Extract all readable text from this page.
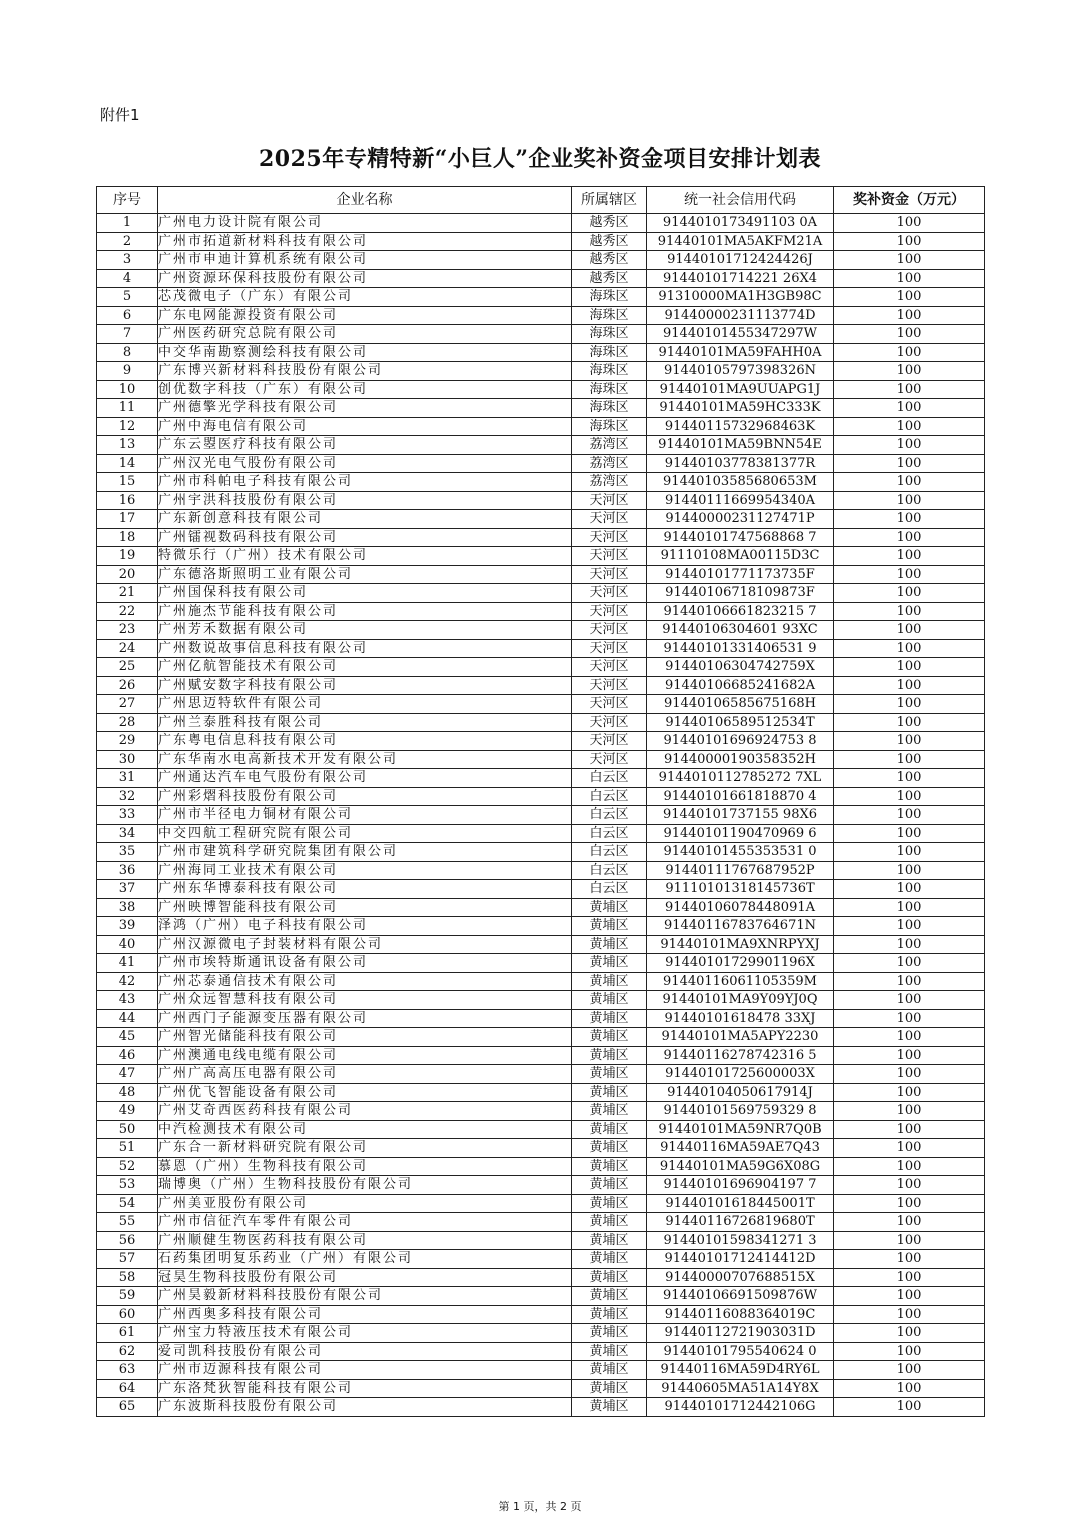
附件1
2025年专精特新“小巨人”企业奖补资金项目安排计划表
序号	企业名称	所属辖区	统一社会信用代码	奖补资金（万元）
1	广州电力设计院有限公司	越秀区	9144010173491103 0A	100
2	广州市拓道新材料科技有限公司	越秀区	91440101MA5AKFM21A	100
3	广州市申迪计算机系统有限公司	越秀区	91440101712424426J	100
4	广州资源环保科技股份有限公司	越秀区	91440101714221 26X4	100
5	芯茂微电子（广东）有限公司	海珠区	91310000MA1H3GB98C	100
6	广东电网能源投资有限公司	海珠区	91440000231113774D	100
7	广州医药研究总院有限公司	海珠区	91440101455347297W	100
8	中交华南勘察测绘科技有限公司	海珠区	91440101MA59FAHH0A	100
9	广东博兴新材料科技股份有限公司	海珠区	91440105797398326N	100
10	创优数字科技（广东）有限公司	海珠区	91440101MA9UUAPG1J	100
11	广州德擎光学科技有限公司	海珠区	91440101MA59HC333K	100
12	广州中海电信有限公司	海珠区	91440115732968463K	100
13	广东云曌医疗科技有限公司	荔湾区	91440101MA59BNN54E	100
14	广州汉光电气股份有限公司	荔湾区	91440103778381377R	100
15	广州市科帕电子科技有限公司	荔湾区	91440103585680653M	100
16	广州宇洪科技股份有限公司	天河区	91440111669954340A	100
17	广东新创意科技有限公司	天河区	91440000231127471P	100
18	广州镭视数码科技有限公司	天河区	91440101747568868 7	100
19	特微乐行（广州）技术有限公司	天河区	91110108MA00115D3C	100
20	广东德洛斯照明工业有限公司	天河区	91440101771173735F	100
21	广州国保科技有限公司	天河区	91440106718109873F	100
22	广州施杰节能科技有限公司	天河区	91440106661823215 7	100
23	广州芳禾数据有限公司	天河区	91440106304601 93XC	100
24	广州数说故事信息科技有限公司	天河区	91440101331406531 9	100
25	广州亿航智能技术有限公司	天河区	91440106304742759X	100
26	广州赋安数字科技有限公司	天河区	91440106685241682A	100
27	广州思迈特软件有限公司	天河区	91440106585675168H	100
28	广州兰泰胜科技有限公司	天河区	91440106589512534T	100
29	广东粤电信息科技有限公司	天河区	91440101696924753 8	100
30	广东华南水电高新技术开发有限公司	天河区	91440000190358352H	100
31	广州通达汽车电气股份有限公司	白云区	9144010112785272 7XL	100
32	广州彩熠科技股份有限公司	白云区	91440101661818870 4	100
33	广州市半径电力铜材有限公司	白云区	91440101737155 98X6	100
34	中交四航工程研究院有限公司	白云区	91440101190470969 6	100
35	广州市建筑科学研究院集团有限公司	白云区	91440101455353531 0	100
36	广州海同工业技术有限公司	白云区	91440111767687952P	100
37	广州东华博泰科技有限公司	白云区	91110101318145736T	100
38	广州映博智能科技有限公司	黄埔区	91440106078448091A	100
39	泽鸿（广州）电子科技有限公司	黄埔区	91440116783764671N	100
40	广州汉源微电子封装材料有限公司	黄埔区	91440101MA9XNRPYXJ	100
41	广州市埃特斯通讯设备有限公司	黄埔区	91440101729901196X	100
42	广州芯泰通信技术有限公司	黄埔区	91440116061105359M	100
43	广州众远智慧科技有限公司	黄埔区	91440101MA9Y09YJ0Q	100
44	广州西门子能源变压器有限公司	黄埔区	91440101618478 33XJ	100
45	广州智光储能科技有限公司	黄埔区	91440101MA5APY2230	100
46	广州澳通电线电缆有限公司	黄埔区	91440116278742316 5	100
47	广州广高高压电器有限公司	黄埔区	91440101725600003X	100
48	广州优飞智能设备有限公司	黄埔区	91440104050617914J	100
49	广州艾奇西医药科技有限公司	黄埔区	91440101569759329 8	100
50	中汽检测技术有限公司	黄埔区	91440101MA59NR7Q0B	100
51	广东合一新材料研究院有限公司	黄埔区	91440116MA59AE7Q43	100
52	慕恩（广州）生物科技有限公司	黄埔区	91440101MA59G6X08G	100
53	瑞博奥（广州）生物科技股份有限公司	黄埔区	91440101696904197 7	100
54	广州美亚股份有限公司	黄埔区	91440101618445001T	100
55	广州市信征汽车零件有限公司	黄埔区	91440116726819680T	100
56	广州顺健生物医药科技有限公司	黄埔区	91440101598341271 3	100
57	石药集团明复乐药业（广州）有限公司	黄埔区	91440101712414412D	100
58	冠昊生物科技股份有限公司	黄埔区	91440000707688515X	100
59	广州昊毅新材料科技股份有限公司	黄埔区	91440106691509876W	100
60	广州西奥多科技有限公司	黄埔区	91440116088364019C	100
61	广州宝力特液压技术有限公司	黄埔区	91440112721903031D	100
62	爱司凯科技股份有限公司	黄埔区	91440101795540624 0	100
63	广州市迈源科技有限公司	黄埔区	91440116MA59D4RY6L	100
64	广东洛梵狄智能科技有限公司	黄埔区	91440605MA51A14Y8X	100
65	广东波斯科技股份有限公司	黄埔区	91440101712442106G	100
第 1 页，共 2 页
